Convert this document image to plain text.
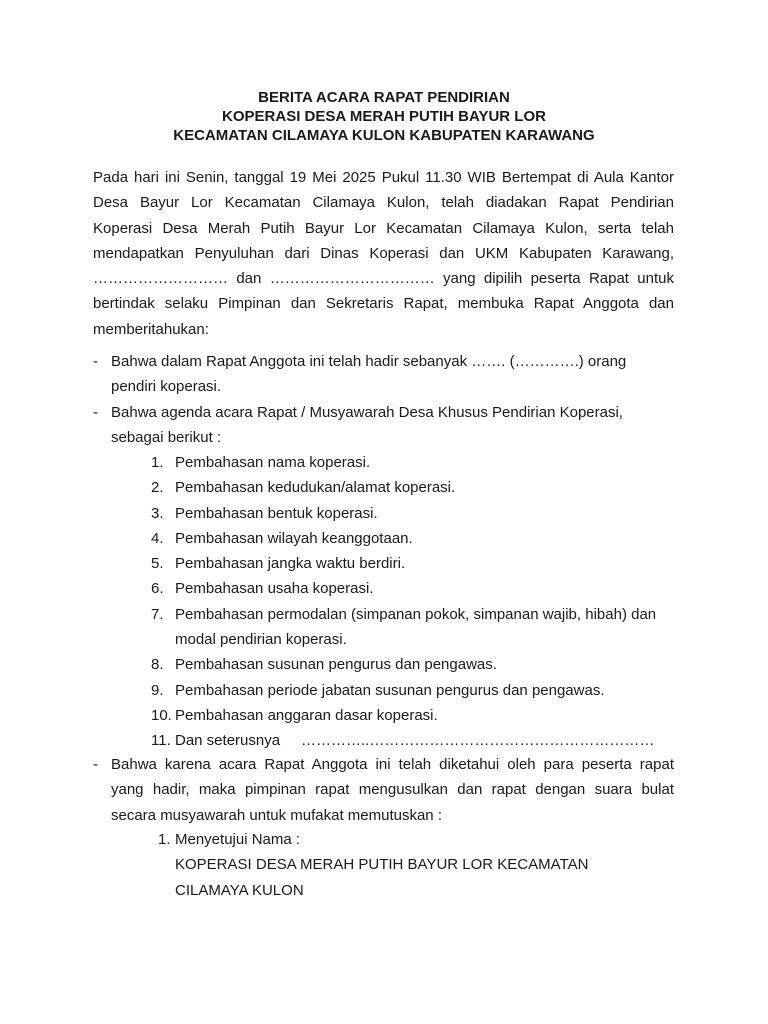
BERITA ACARA RAPAT PENDIRIAN
KOPERASI DESA MERAH PUTIH BAYUR LOR
KECAMATAN CILAMAYA KULON KABUPATEN KARAWANG
Pada hari ini Senin, tanggal 19 Mei 2025 Pukul 11.30 WIB Bertempat di Aula Kantor
Desa Bayur Lor Kecamatan Cilamaya Kulon, telah diadakan Rapat Pendirian
Koperasi Desa Merah Putih Bayur Lor Kecamatan Cilamaya Kulon, serta telah
mendapatkan Penyuluhan dari Dinas Koperasi dan UKM Kabupaten Karawang,
……………………… dan …………………………… yang dipilih peserta Rapat untuk
bertindak selaku Pimpinan dan Sekretaris Rapat, membuka Rapat Anggota dan
memberitahukan:
- Bahwa dalam Rapat Anggota ini telah hadir sebanyak ……. (………….) orang
pendiri koperasi.
- Bahwa agenda acara Rapat / Musyawarah Desa Khusus Pendirian Koperasi,
sebagai berikut :
1. Pembahasan nama koperasi.
2. Pembahasan kedudukan/alamat koperasi.
3. Pembahasan bentuk koperasi.
4. Pembahasan wilayah keanggotaan.
5. Pembahasan jangka waktu berdiri.
6. Pembahasan usaha koperasi.
7. Pembahasan permodalan (simpanan pokok, simpanan wajib, hibah) dan
modal pendirian koperasi.
8. Pembahasan susunan pengurus dan pengawas.
9. Pembahasan periode jabatan susunan pengurus dan pengawas.
10. Pembahasan anggaran dasar koperasi.
11. Dan seterusnya …………..…………………………………………………
- Bahwa karena acara Rapat Anggota ini telah diketahui oleh para peserta rapat
yang hadir, maka pimpinan rapat mengusulkan dan rapat dengan suara bulat
secara musyawarah untuk mufakat memutuskan :
1. Menyetujui Nama :
KOPERASI DESA MERAH PUTIH BAYUR LOR KECAMATAN
CILAMAYA KULON
